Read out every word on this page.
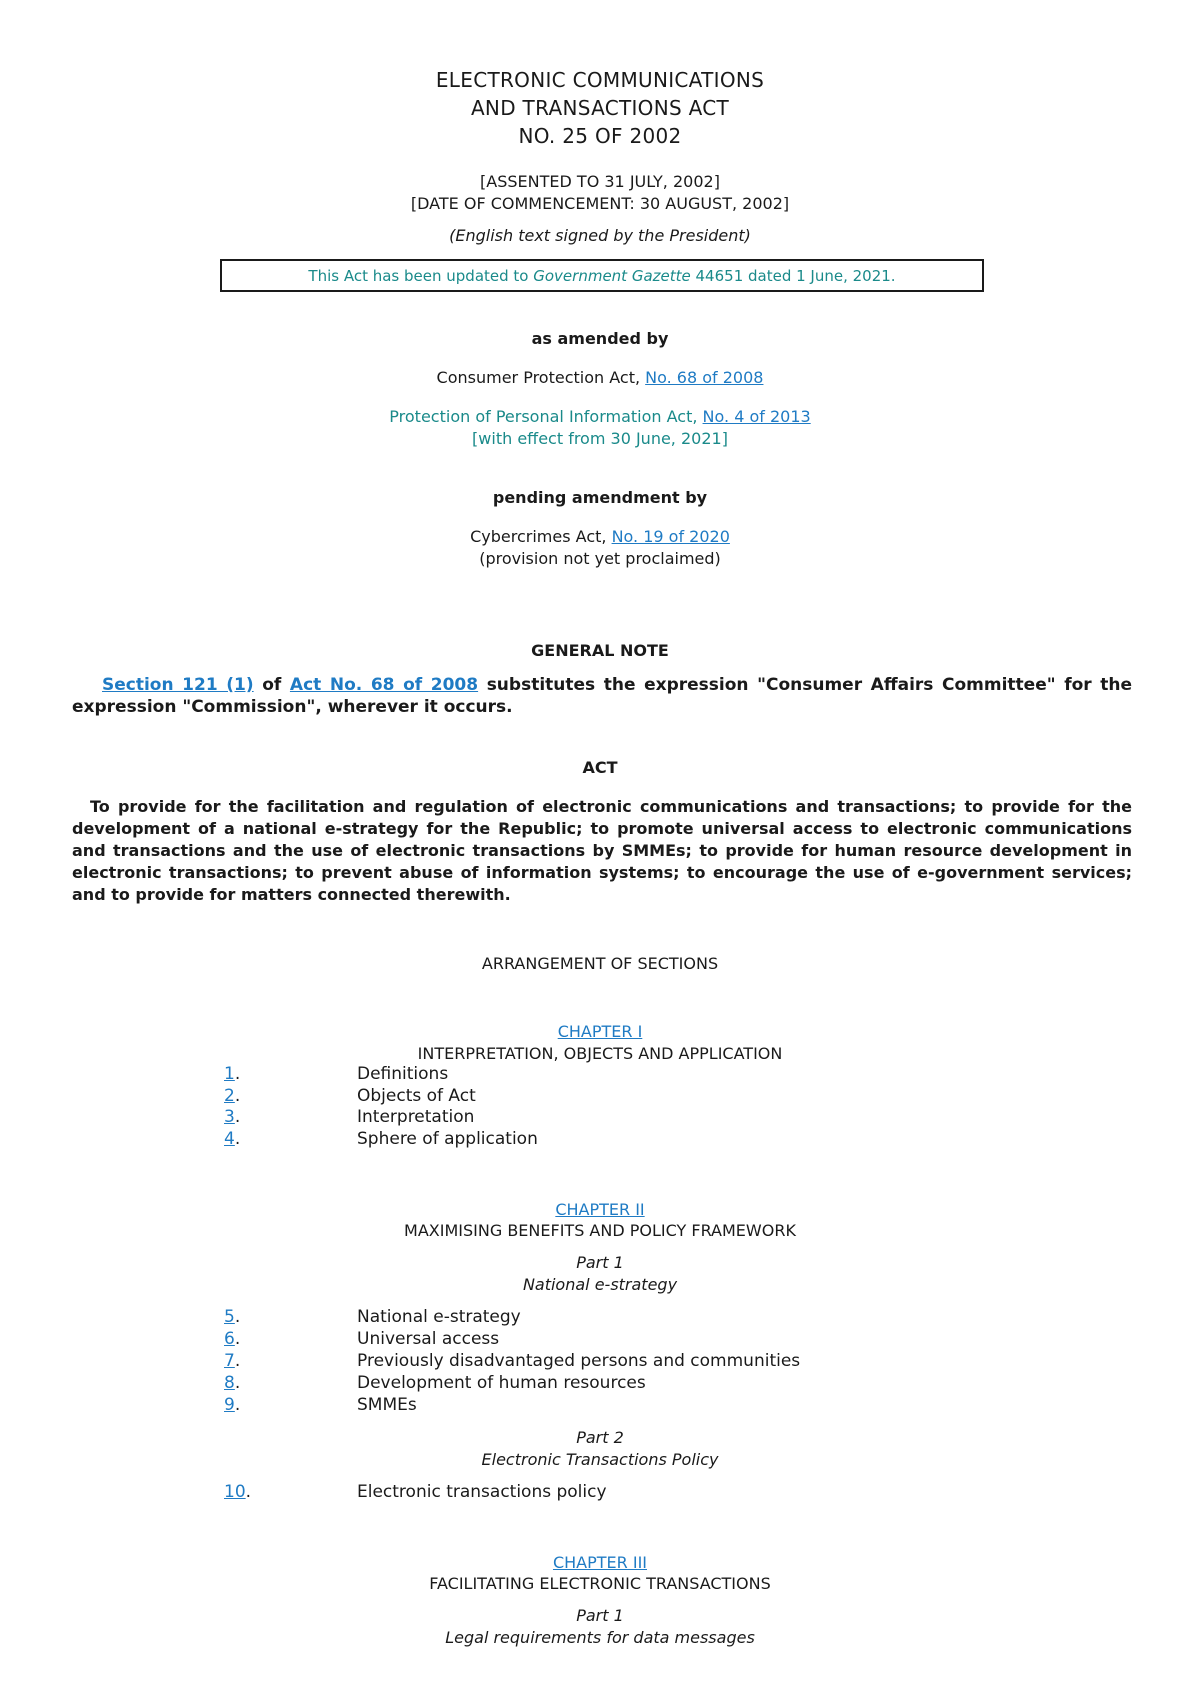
ELECTRONIC COMMUNICATIONS
AND TRANSACTIONS ACT
NO. 25 OF 2002
[ASSENTED TO 31 JULY, 2002]
[DATE OF COMMENCEMENT: 30 AUGUST, 2002]
(English text signed by the President)
This Act has been updated to Government Gazette 44651 dated 1 June, 2021.
as amended by
Consumer Protection Act, No. 68 of 2008
Protection of Personal Information Act, No. 4 of 2013
[with effect from 30 June, 2021]
pending amendment by
Cybercrimes Act, No. 19 of 2020
(provision not yet proclaimed)
GENERAL NOTE
Section 121 (1) of Act No. 68 of 2008 substitutes the expression "Consumer Affairs Committee" for the expression "Commission", wherever it occurs.
ACT
To provide for the facilitation and regulation of electronic communications and transactions; to provide for the development of a national e-strategy for the Republic; to promote universal access to electronic communications and transactions and the use of electronic transactions by SMMEs; to provide for human resource development in electronic transactions; to prevent abuse of information systems; to encourage the use of e-government services; and to provide for matters connected therewith.
ARRANGEMENT OF SECTIONS
CHAPTER I
INTERPRETATION, OBJECTS AND APPLICATION
1.	Definitions
2.	Objects of Act
3.	Interpretation
4.	Sphere of application
CHAPTER II
MAXIMISING BENEFITS AND POLICY FRAMEWORK
Part 1
National e-strategy
5.	National e-strategy
6.	Universal access
7.	Previously disadvantaged persons and communities
8.	Development of human resources
9.	SMMEs
Part 2
Electronic Transactions Policy
10.	Electronic transactions policy
CHAPTER III
FACILITATING ELECTRONIC TRANSACTIONS
Part 1
Legal requirements for data messages
